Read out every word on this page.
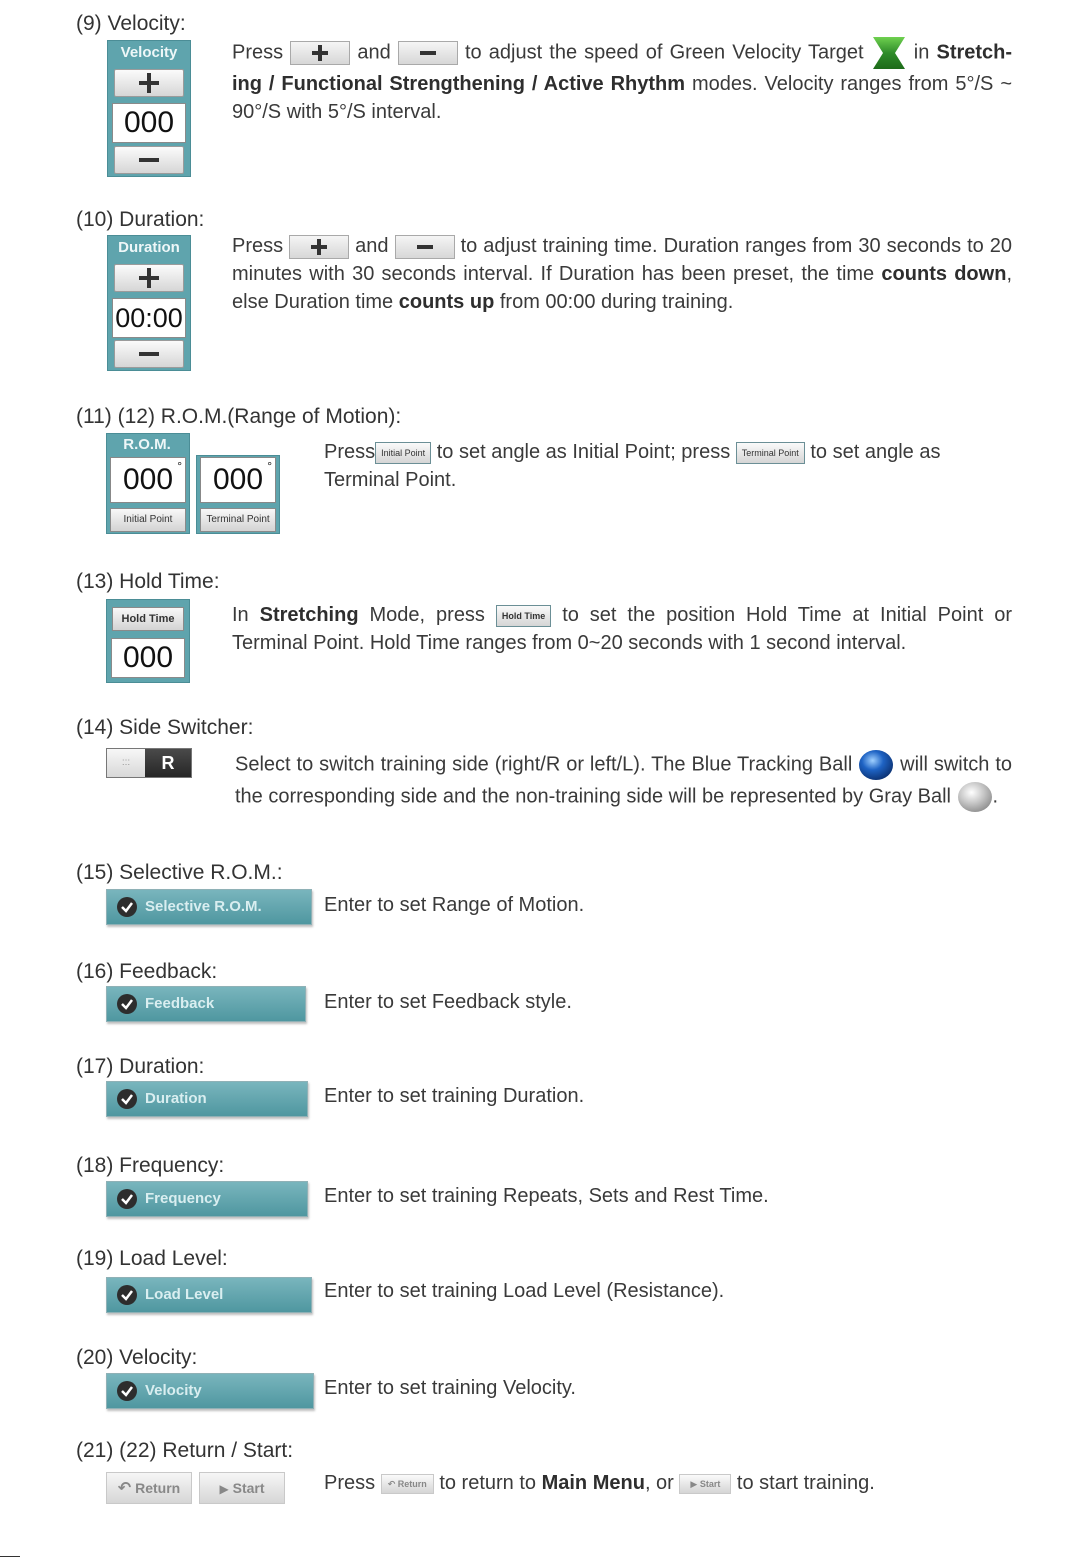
(9) Velocity:
Velocity
000
Press	and	to adjust the speed of Green Velocity Target	in Stretch-ing / Functional Strengthening / Active Rhythm modes. Velocity ranges from 5°/S ~ 90°/S with 5°/S interval.
(10) Duration:
Duration
00:00
Press	and	to adjust training time. Duration ranges from 30 seconds to 20 minutes with 30 seconds interval. If Duration has been preset, the time counts down, else Duration time counts up from 00:00 during training.
(11) (12) R.O.M.(Range of Motion):
R.O.M.
000 °	000 °
Initial Point	Terminal Point
Press Initial Point to set angle as Initial Point; press Terminal Point to set angle as Terminal Point.
(13) Hold Time:
Hold Time
000
In Stretching Mode, press Hold Time to set the position Hold Time at Initial Point or Terminal Point. Hold Time ranges from 0~20 seconds with 1 second interval.
(14) Side Switcher:
:::	R	Select to switch training side (right/R or left/L). The Blue Tracking Ball will switch to the corresponding side and the non-training side will be represented by Gray Ball .
(15) Selective R.O.M.:
Selective R.O.M.	Enter to set Range of Motion.
(16) Feedback:
Feedback	Enter to set Feedback style.
(17) Duration:
Duration	Enter to set training Duration.
(18) Frequency:
Frequency	Enter to set training Repeats, Sets and Rest Time.
(19) Load Level:
Load Level	Enter to set training Load Level (Resistance).
(20) Velocity:
Velocity	Enter to set training Velocity.
(21) (22) Return / Start:
↶ Return	▶ Start	Press ↶ Return to return to Main Menu, or ▶ Start to start training.
